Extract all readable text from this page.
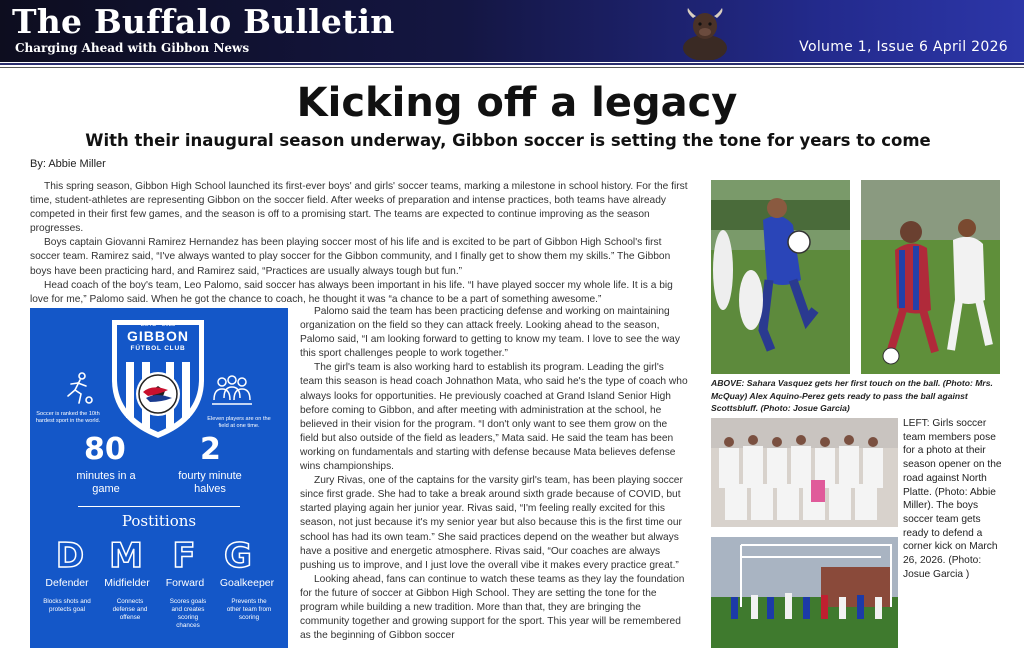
The Buffalo Bulletin
Charging Ahead with Gibbon News	Volume 1, Issue 6 April 2026
Kicking off a legacy
With their inaugural season underway, Gibbon soccer is setting the tone for years to come
By: Abbie Miller

This spring season, Gibbon High School launched its first-ever boys' and girls' soccer teams, marking a milestone in school history. For the first time, student-athletes are representing Gibbon on the soccer field. After weeks of preparation and intense practices, both teams have already competed in their first few games, and the season is off to a promising start. The teams are expected to continue improving as the season progresses.

Boys captain Giovanni Ramirez Hernandez has been playing soccer most of his life and is excited to be part of Gibbon High School's first soccer team. Ramirez said, “I've always wanted to play soccer for the Gibbon community, and I finally get to show them my skills.” The Gibbon boys have been practicing hard, and Ramirez said, “Practices are usually always tough but fun.”

Head coach of the boy's team, Leo Palomo, said soccer has always been important in his life. “I have played soccer my whole life. It is a big love for me,” Palomo said. When he got the chance to coach, he thought it was “a chance to be a part of something awesome.”

ESTD • 2025
GIBBON
FÚTBOL CLUB
Soccer is ranked the 10th hardest sport in the world.	Eleven players are on the field at one time.
80
minutes in a game
2
fourty minute halves
Postitions
D M F G
Defender	Midfielder	Forward	Goalkeeper
Blocks shots and protects goal
Connects defense and offense
Scores goals and creates scoring chances
Prevents the other team from scoring

Palomo said the team has been practicing defense and working on maintaining organization on the field so they can attack freely. Looking ahead to the season, Palomo said, “I am looking forward to getting to know my team. I love to see the way this sport challenges people to work together.”

The girl's team is also working hard to establish its program. Leading the girl's team this season is head coach Johnathon Mata, who said he's the type of coach who always looks for opportunities. He previously coached at Grand Island Senior High before coming to Gibbon, and after meeting with administration at the school, he believed in their vision for the program. “I don't only want to see them grow on the field but also outside of the field as leaders,” Mata said. He said the team has been working on fundamentals and starting with defense because Mata believes defense wins championships.

Zury Rivas, one of the captains for the varsity girl's team, has been playing soccer since first grade. She had to take a break around sixth grade because of COVID, but started playing again her junior year. Rivas said, “I'm feeling really excited for this season, not just because it's my senior year but also because this is the first time our school has had its own team.” She said practices depend on the weather but always have a positive and energetic atmosphere. Rivas said, “Our coaches are always pushing us to improve, and I just love the overall vibe it makes every practice great.”

Looking ahead, fans can continue to watch these teams as they lay the foundation for the future of soccer at Gibbon High School. They are setting the tone for the program while building a new tradition. More than that, they are bringing the community together and growing support for the sport. This year will be remembered as the beginning of Gibbon soccer

ABOVE: Sahara Vasquez gets her first touch on the ball. (Photo: Mrs. McQuay) Alex Aquino-Perez gets ready to pass the ball against Scottsbluff. (Photo: Josue Garcia)
LEFT: Girls soccer team members pose for a photo at their season opener on the road against North Platte. (Photo: Abbie Miller). The boys soccer team gets ready to defend a corner kick on March 26, 2026. (Photo: Josue Garcia )
